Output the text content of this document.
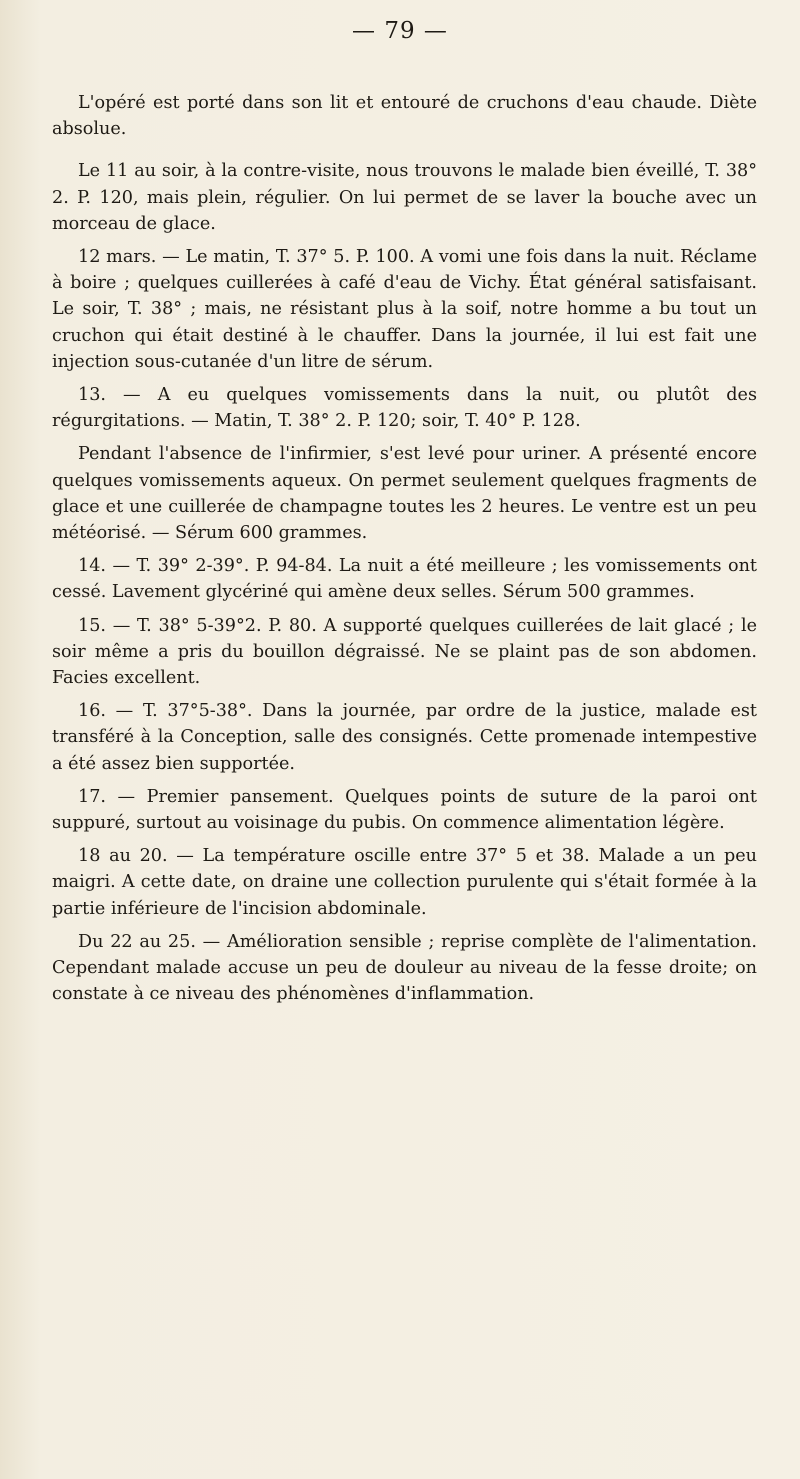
— 79 —

L'opéré est porté dans son lit et entouré de cruchons d'eau chaude. Diète absolue.

Le 11 au soir, à la contre-visite, nous trouvons le malade bien éveillé, T. 38° 2. P. 120, mais plein, régulier. On lui permet de se laver la bouche avec un morceau de glace.

12 mars. — Le matin, T. 37° 5. P. 100. A vomi une fois dans la nuit. Réclame à boire ; quelques cuillerées à café d'eau de Vichy. État général satisfaisant. Le soir, T. 38° ; mais, ne résistant plus à la soif, notre homme a bu tout un cruchon qui était destiné à le chauffer. Dans la journée, il lui est fait une injection sous-cutanée d'un litre de sérum.

13. — A eu quelques vomissements dans la nuit, ou plutôt des régurgitations. — Matin, T. 38° 2. P. 120; soir, T. 40° P. 128.

Pendant l'absence de l'infirmier, s'est levé pour uriner. A présenté encore quelques vomissements aqueux. On permet seulement quelques fragments de glace et une cuillerée de champagne toutes les 2 heures. Le ventre est un peu météorisé. — Sérum 600 grammes.

14. — T. 39° 2-39°. P. 94-84. La nuit a été meilleure ; les vomissements ont cessé. Lavement glycériné qui amène deux selles. Sérum 500 grammes.

15. — T. 38° 5-39°2. P. 80. A supporté quelques cuillerées de lait glacé ; le soir même a pris du bouillon dégraissé. Ne se plaint pas de son abdomen. Facies excellent.

16. — T. 37°5-38°. Dans la journée, par ordre de la justice, malade est transféré à la Conception, salle des consignés. Cette promenade intempestive a été assez bien supportée.

17. — Premier pansement. Quelques points de suture de la paroi ont suppuré, surtout au voisinage du pubis. On commence alimentation légère.

18 au 20. — La température oscille entre 37° 5 et 38. Malade a un peu maigri. A cette date, on draine une collection purulente qui s'était formée à la partie inférieure de l'incision abdominale.

Du 22 au 25. — Amélioration sensible ; reprise complète de l'alimentation. Cependant malade accuse un peu de douleur au niveau de la fesse droite; on constate à ce niveau des phénomènes d'inflammation.
